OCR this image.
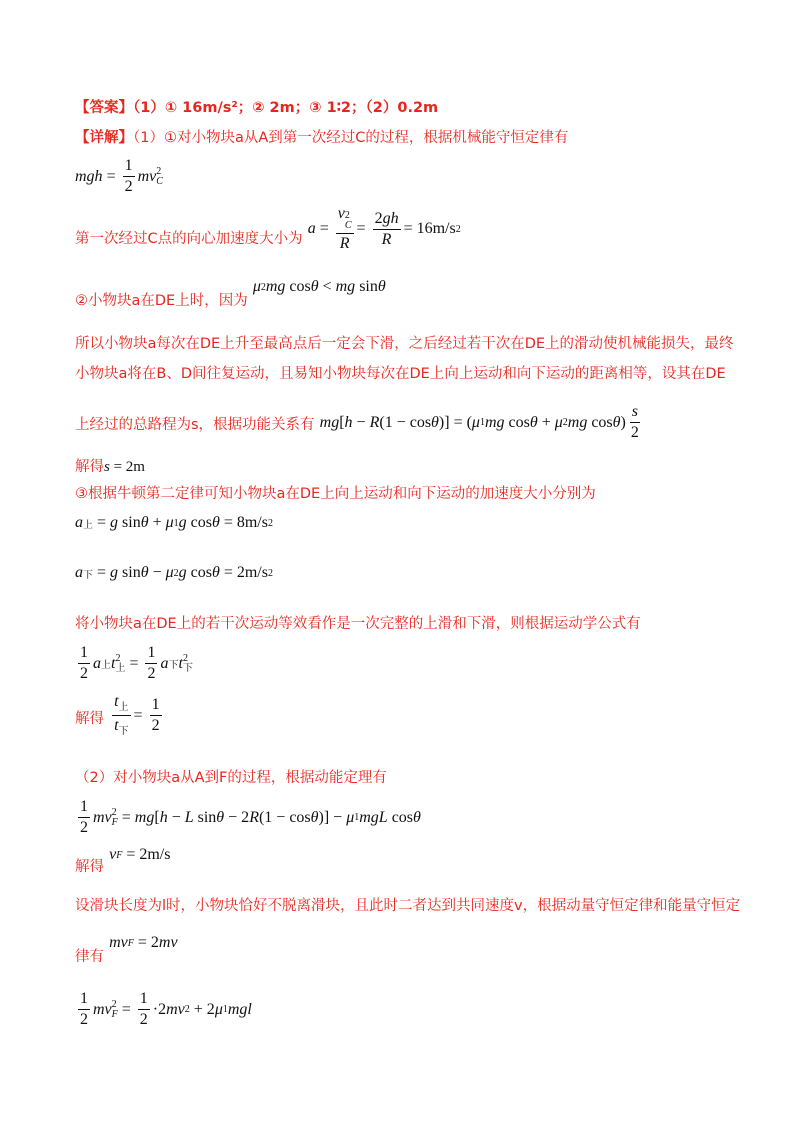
【答案】（1）① 16m/s²；② 2m；③ 1∶2；（2）0.2m
【详解】（1）①对小物块a从A到第一次经过C的过程，根据机械能守恒定律有
mgh = $\frac{1}{2}$ mv 2
C
第一次经过C点的向心加速度大小为
a = v 2
C
$R = \frac{2gh}{R} = 16m/s$ 2
②小物块a在DE上时，因为
μ 2 mg cos θ < mg sin θ
所以小物块a每次在DE上升至最高点后一定会下滑，之后经过若干次在DE上的滑动使机械能损失，最终
小物块a将在B、D间往复运动，且易知小物块每次在DE上向上运动和向下运动的距离相等，设其在DE
上经过的总路程为s，根据功能关系有 mg [ h − R (1 − cos θ )] = ( μ 1 mg cos θ + μ 2 mg cos θ ) $\frac{s}{2}$
解得 s = 2m
③根据牛顿第二定律可知小物块a在DE上向上运动和向下运动的加速度大小分别为
a 上 = g sin θ + μ 1 g cos θ = 8m/s 2
a 下 = g sin θ − μ 2 g cos θ = 2m/s 2
将小物块a在DE上的若干次运动等效看作是一次完整的上滑和下滑，则根据运动学公式有
$\frac{1}{2}$ a 上 t 2
上 = $\frac{1}{2}$ a 下 t 2
下
解得 $\frac{t_上}{t_下} = \frac{1}{2}$
（2）对小物块a从A到F的过程，根据动能定理有
$\frac{1}{2}$ mv 2
F = mg [ h − L sin θ − 2 R (1 − cos θ )] − μ 1 mgL cos θ
解得
v F = 2m/s
设滑块长度为l时，小物块恰好不脱离滑块，且此时二者达到共同速度v，根据动量守恒定律和能量守恒定
律有
mv F = 2 mv
$\frac{1}{2}$ mv 2
$F = \frac{1}{2} \cdot 2$ mv 2 + 2 μ 1 mgl
